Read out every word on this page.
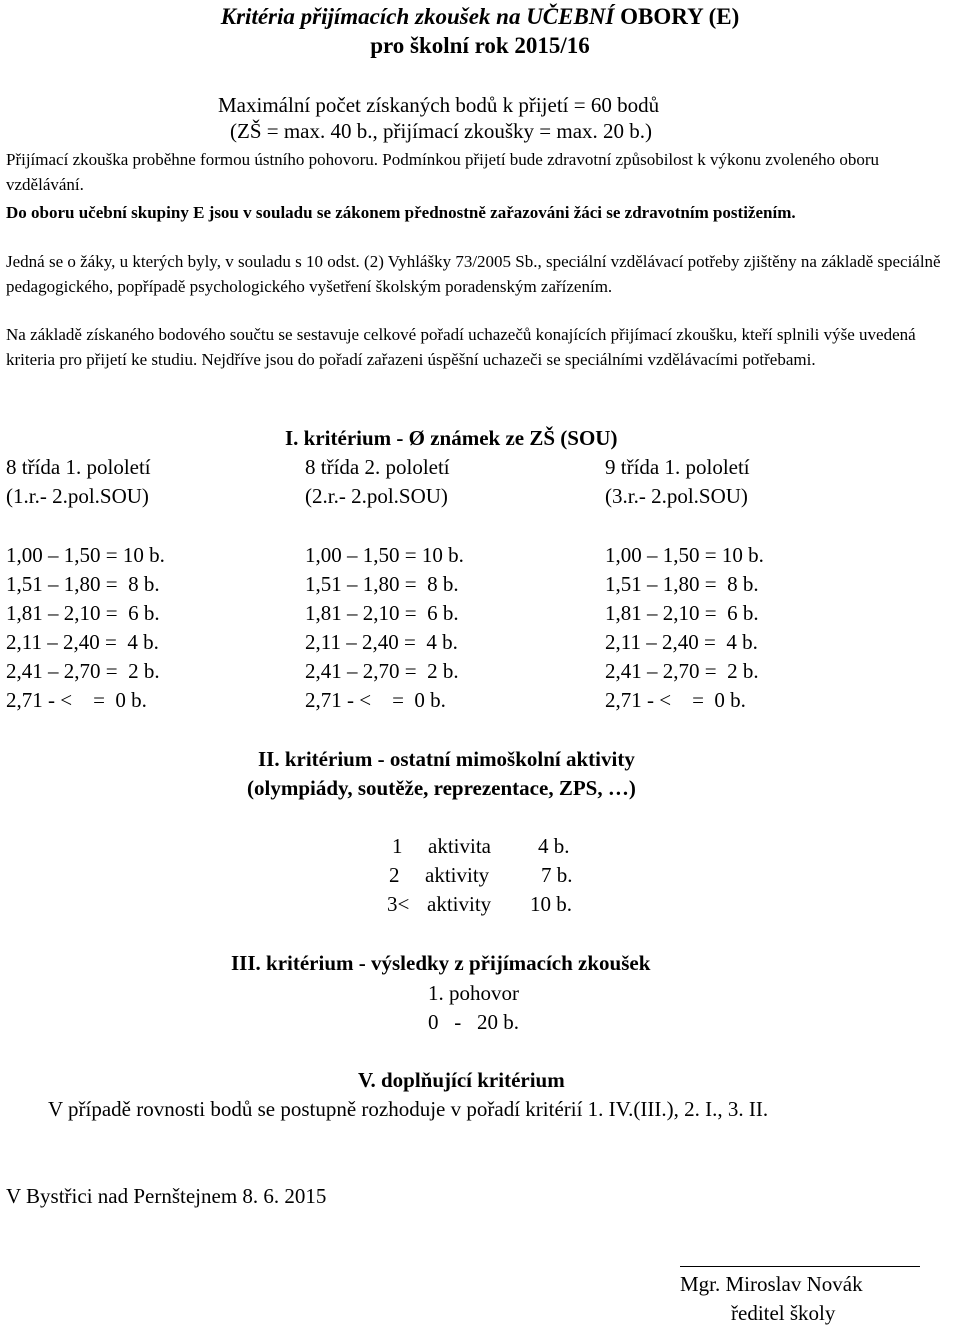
Kritéria přijímacích zkoušek na UČEBNÍ OBORY (E)
pro školní rok 2015/16
Maximální počet získaných bodů k přijetí = 60 bodů
(ZŠ = max. 40 b., přijímací zkoušky = max. 20 b.)
Přijímací zkouška proběhne formou ústního pohovoru. Podmínkou přijetí bude zdravotní způsobilost k výkonu zvoleného oboru vzdělávání.
Do oboru učební skupiny E jsou v souladu se zákonem přednostně zařazováni žáci se zdravotním postižením.
Jedná se o žáky, u kterých byly, v souladu s 10 odst. (2) Vyhlášky 73/2005 Sb., speciální vzdělávací potřeby zjištěny na základě speciálně pedagogického, popřípadě psychologického vyšetření školským poradenským zařízením.
Na základě získaného bodového součtu se sestavuje celkové pořadí uchazečů konajících přijímací zkoušku, kteří splnili výše uvedená kriteria pro přijetí ke studiu. Nejdříve jsou do pořadí zařazeni úspěšní uchazeči se speciálními vzdělávacími potřebami.
I. kritérium - Ø známek ze ZŠ (SOU)
8 třída 1. pololetí
(1.r.- 2.pol.SOU)
8 třída 2. pololetí
(2.r.- 2.pol.SOU)
9 třída 1. pololetí
(3.r.- 2.pol.SOU)
1,00 – 1,50 = 10 b.
1,51 – 1,80 =  8 b.
1,81 – 2,10 =  6 b.
2,11 – 2,40 =  4 b.
2,41 – 2,70 =  2 b.
2,71 - <    =  0 b.
1,00 – 1,50 = 10 b.
1,51 – 1,80 =  8 b.
1,81 – 2,10 =  6 b.
2,11 – 2,40 =  4 b.
2,41 – 2,70 =  2 b.
2,71 - <    =  0 b.
1,00 – 1,50 = 10 b.
1,51 – 1,80 =  8 b.
1,81 – 2,10 =  6 b.
2,11 – 2,40 =  4 b.
2,41 – 2,70 =  2 b.
2,71 - <    =  0 b.
II. kritérium - ostatní mimoškolní aktivity
(olympiády, soutěže, reprezentace, ZPS, …)
1 aktivita 4 b.
2 aktivity 7 b.
3< aktivity 10 b.
III. kritérium - výsledky z přijímacích zkoušek
1. pohovor
0   -   20 b.
V. doplňující kritérium
V případě rovnosti bodů se postupně rozhoduje v pořadí kritérií 1. IV.(III.), 2. I., 3. II.
V Bystřici nad Pernštejnem 8. 6. 2015
Mgr. Miroslav Novák
ředitel školy
